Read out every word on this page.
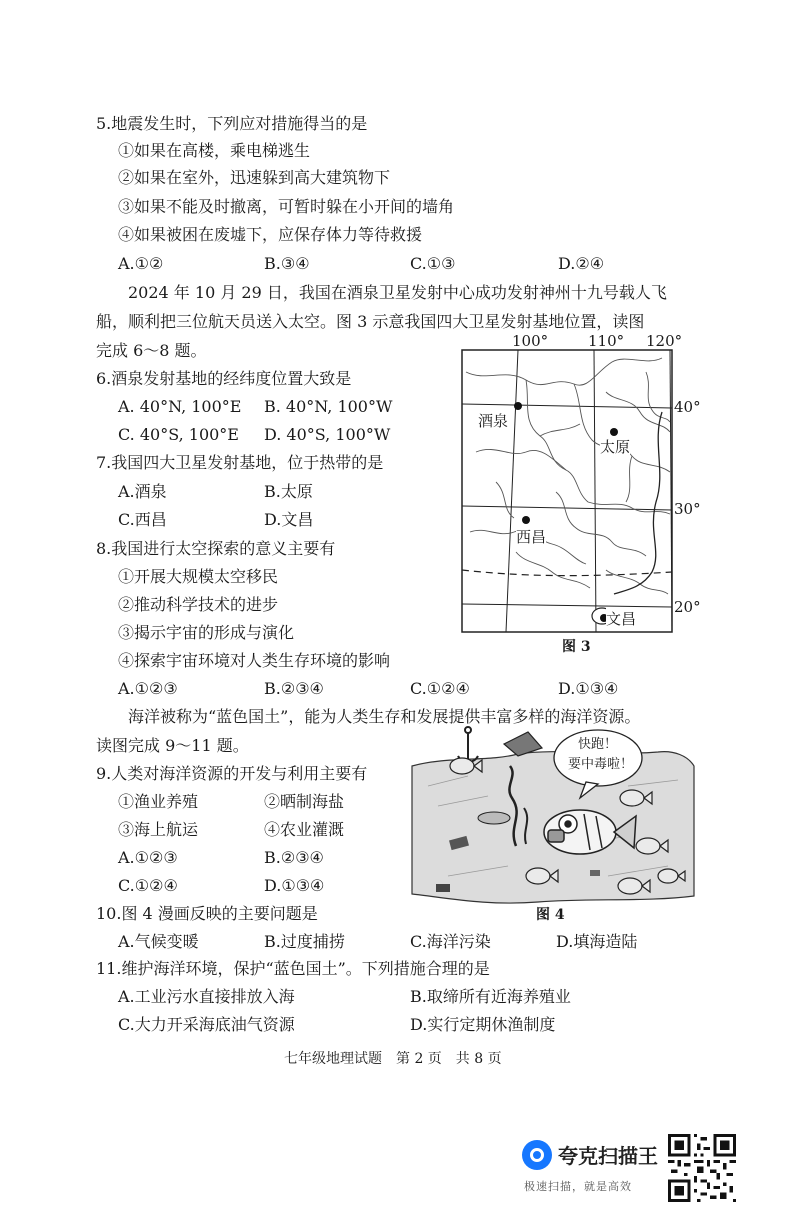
5.地震发生时，下列应对措施得当的是
①如果在高楼，乘电梯逃生
②如果在室外，迅速躲到高大建筑物下
③如果不能及时撤离，可暂时躲在小开间的墙角
④如果被困在废墟下，应保存体力等待救援
A.①②	B.③④	C.①③	D.②④
2024 年 10 月 29 日，我国在酒泉卫星发射中心成功发射神州十九号载人飞
船，顺利把三位航天员送入太空。图 3 示意我国四大卫星发射基地位置，读图
完成 6～8 题。
6.酒泉发射基地的经纬度位置大致是
A. 40°N, 100°E B. 40°N, 100°W
C. 40°S, 100°E D. 40°S, 100°W
7.我国四大卫星发射基地，位于热带的是
A.酒泉	B.太原
C.西昌	D.文昌
8.我国进行太空探索的意义主要有
①开展大规模太空移民
②推动科学技术的进步
③揭示宇宙的形成与演化
④探索宇宙环境对人类生存环境的影响
A.①②③	B.②③④	C.①②④	D.①③④
100°	110° 120°
40°
30°
20°
酒泉
太原
西昌
文昌
图 3
海洋被称为“蓝色国土”，能为人类生存和发展提供丰富多样的海洋资源。
读图完成 9～11 题。
9.人类对海洋资源的开发与利用主要有
①渔业养殖	②晒制海盐
③海上航运	④农业灌溉
A.①②③	B.②③④
C.①②④	D.①③④
快跑！
要中毒啦！
图 4
10.图 4 漫画反映的主要问题是
A.气候变暖	B.过度捕捞	C.海洋污染	D.填海造陆
11.维护海洋环境，保护“蓝色国土”。下列措施合理的是
A.工业污水直接排放入海	B.取缔所有近海养殖业
C.大力开采海底油气资源	D.实行定期休渔制度
七年级地理试题　第 2 页　共 8 页
夸克扫描王
极速扫描，就是高效
